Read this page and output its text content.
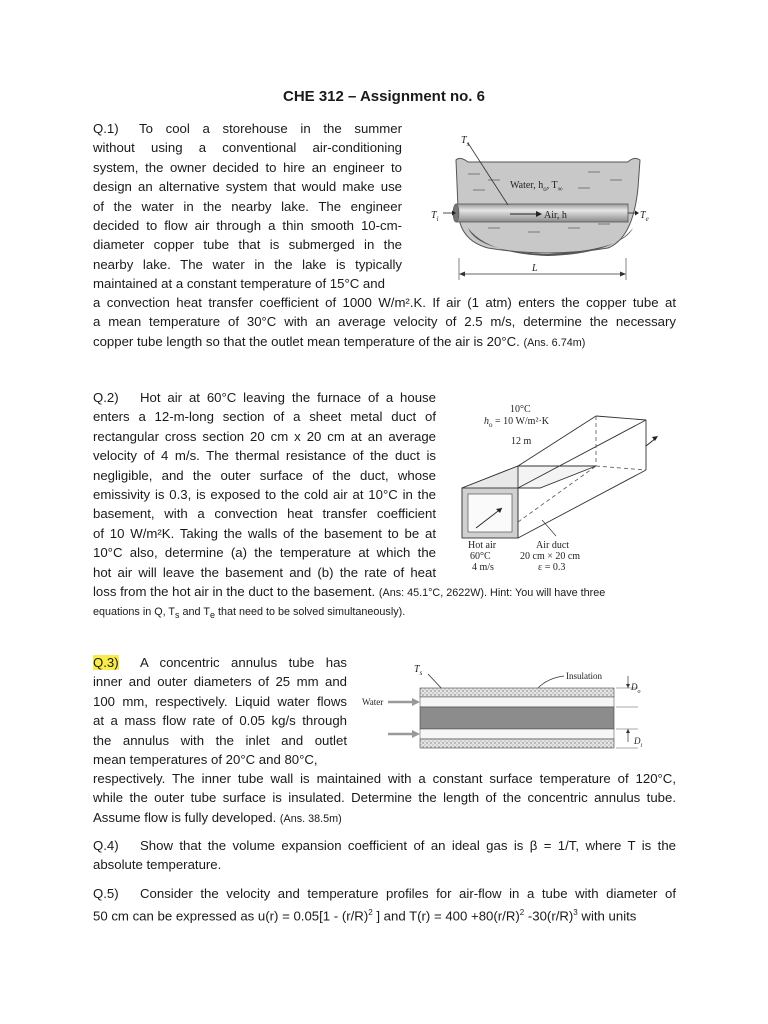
CHE 312 – Assignment no. 6
Q.1)	To cool a storehouse in the summer
without using a conventional air-conditioning
system, the owner decided to hire an engineer to
design an alternative system that would make use
of the water in the nearby lake. The engineer
decided to flow air through a thin smooth 10-cm-
diameter copper tube that is submerged in the
nearby lake. The water in the lake is typically
maintained at a constant temperature of 15°C and
a convection heat transfer coefficient of 1000 W/m².K. If air (1 atm) enters the copper tube at
a mean temperature of 30°C with an average velocity of 2.5 m/s, determine the necessary
copper tube length so that the outlet mean temperature of the air is 20°C. (Ans. 6.74m)
$T_s$
Water, $h_o$, $T_\infty$
Air, h
$T_i$	$T_e$
L
Q.2)	Hot air at 60°C leaving the furnace of a house
enters a 12-m-long section of a sheet metal duct of
rectangular cross section 20 cm x 20 cm at an average
velocity of 4 m/s. The thermal resistance of the duct is
negligible, and the outer surface of the duct, whose
emissivity is 0.3, is exposed to the cold air at 10°C in the
basement, with a convection heat transfer coefficient
of 10 W/m²K. Taking the walls of the basement to be at
10°C also, determine (a) the temperature at which the
hot air will leave the basement and (b) the rate of heat
loss from the hot air in the duct to the basement. (Ans: 45.1°C, 2622W). Hint: You will have three
equations in Q, $T_s$ and $T_e$ that need to be solved simultaneously).
10°C
$h_o = 10$ W/m²·K
12 m
Hot air
60°C
4 m/s
Air duct
20 cm × 20 cm
ε = 0.3
Q.3)	A concentric annulus tube has
inner and outer diameters of 25 mm and
100 mm, respectively. Liquid water flows
at a mass flow rate of 0.05 kg/s through
the annulus with the inlet and outlet
mean temperatures of 20°C and 80°C,
respectively. The inner tube wall is maintained with a constant surface temperature of 120°C,
while the outer tube surface is insulated. Determine the length of the concentric annulus tube.
Assume flow is fully developed. (Ans. 38.5m)
$T_s$	Insulation
Water
$D_o$
$D_i$
Q.4)	Show that the volume expansion coefficient of an ideal gas is β = 1/T, where T is the
absolute temperature.
Q.5)	Consider the velocity and temperature profiles for air-flow in a tube with diameter of
50 cm can be expressed as $u(r) = 0.05[1 - (r/R)^2$ ] and $T(r) = 400 +80(r/R)^2$ $-30(r/R)^3$ with units
